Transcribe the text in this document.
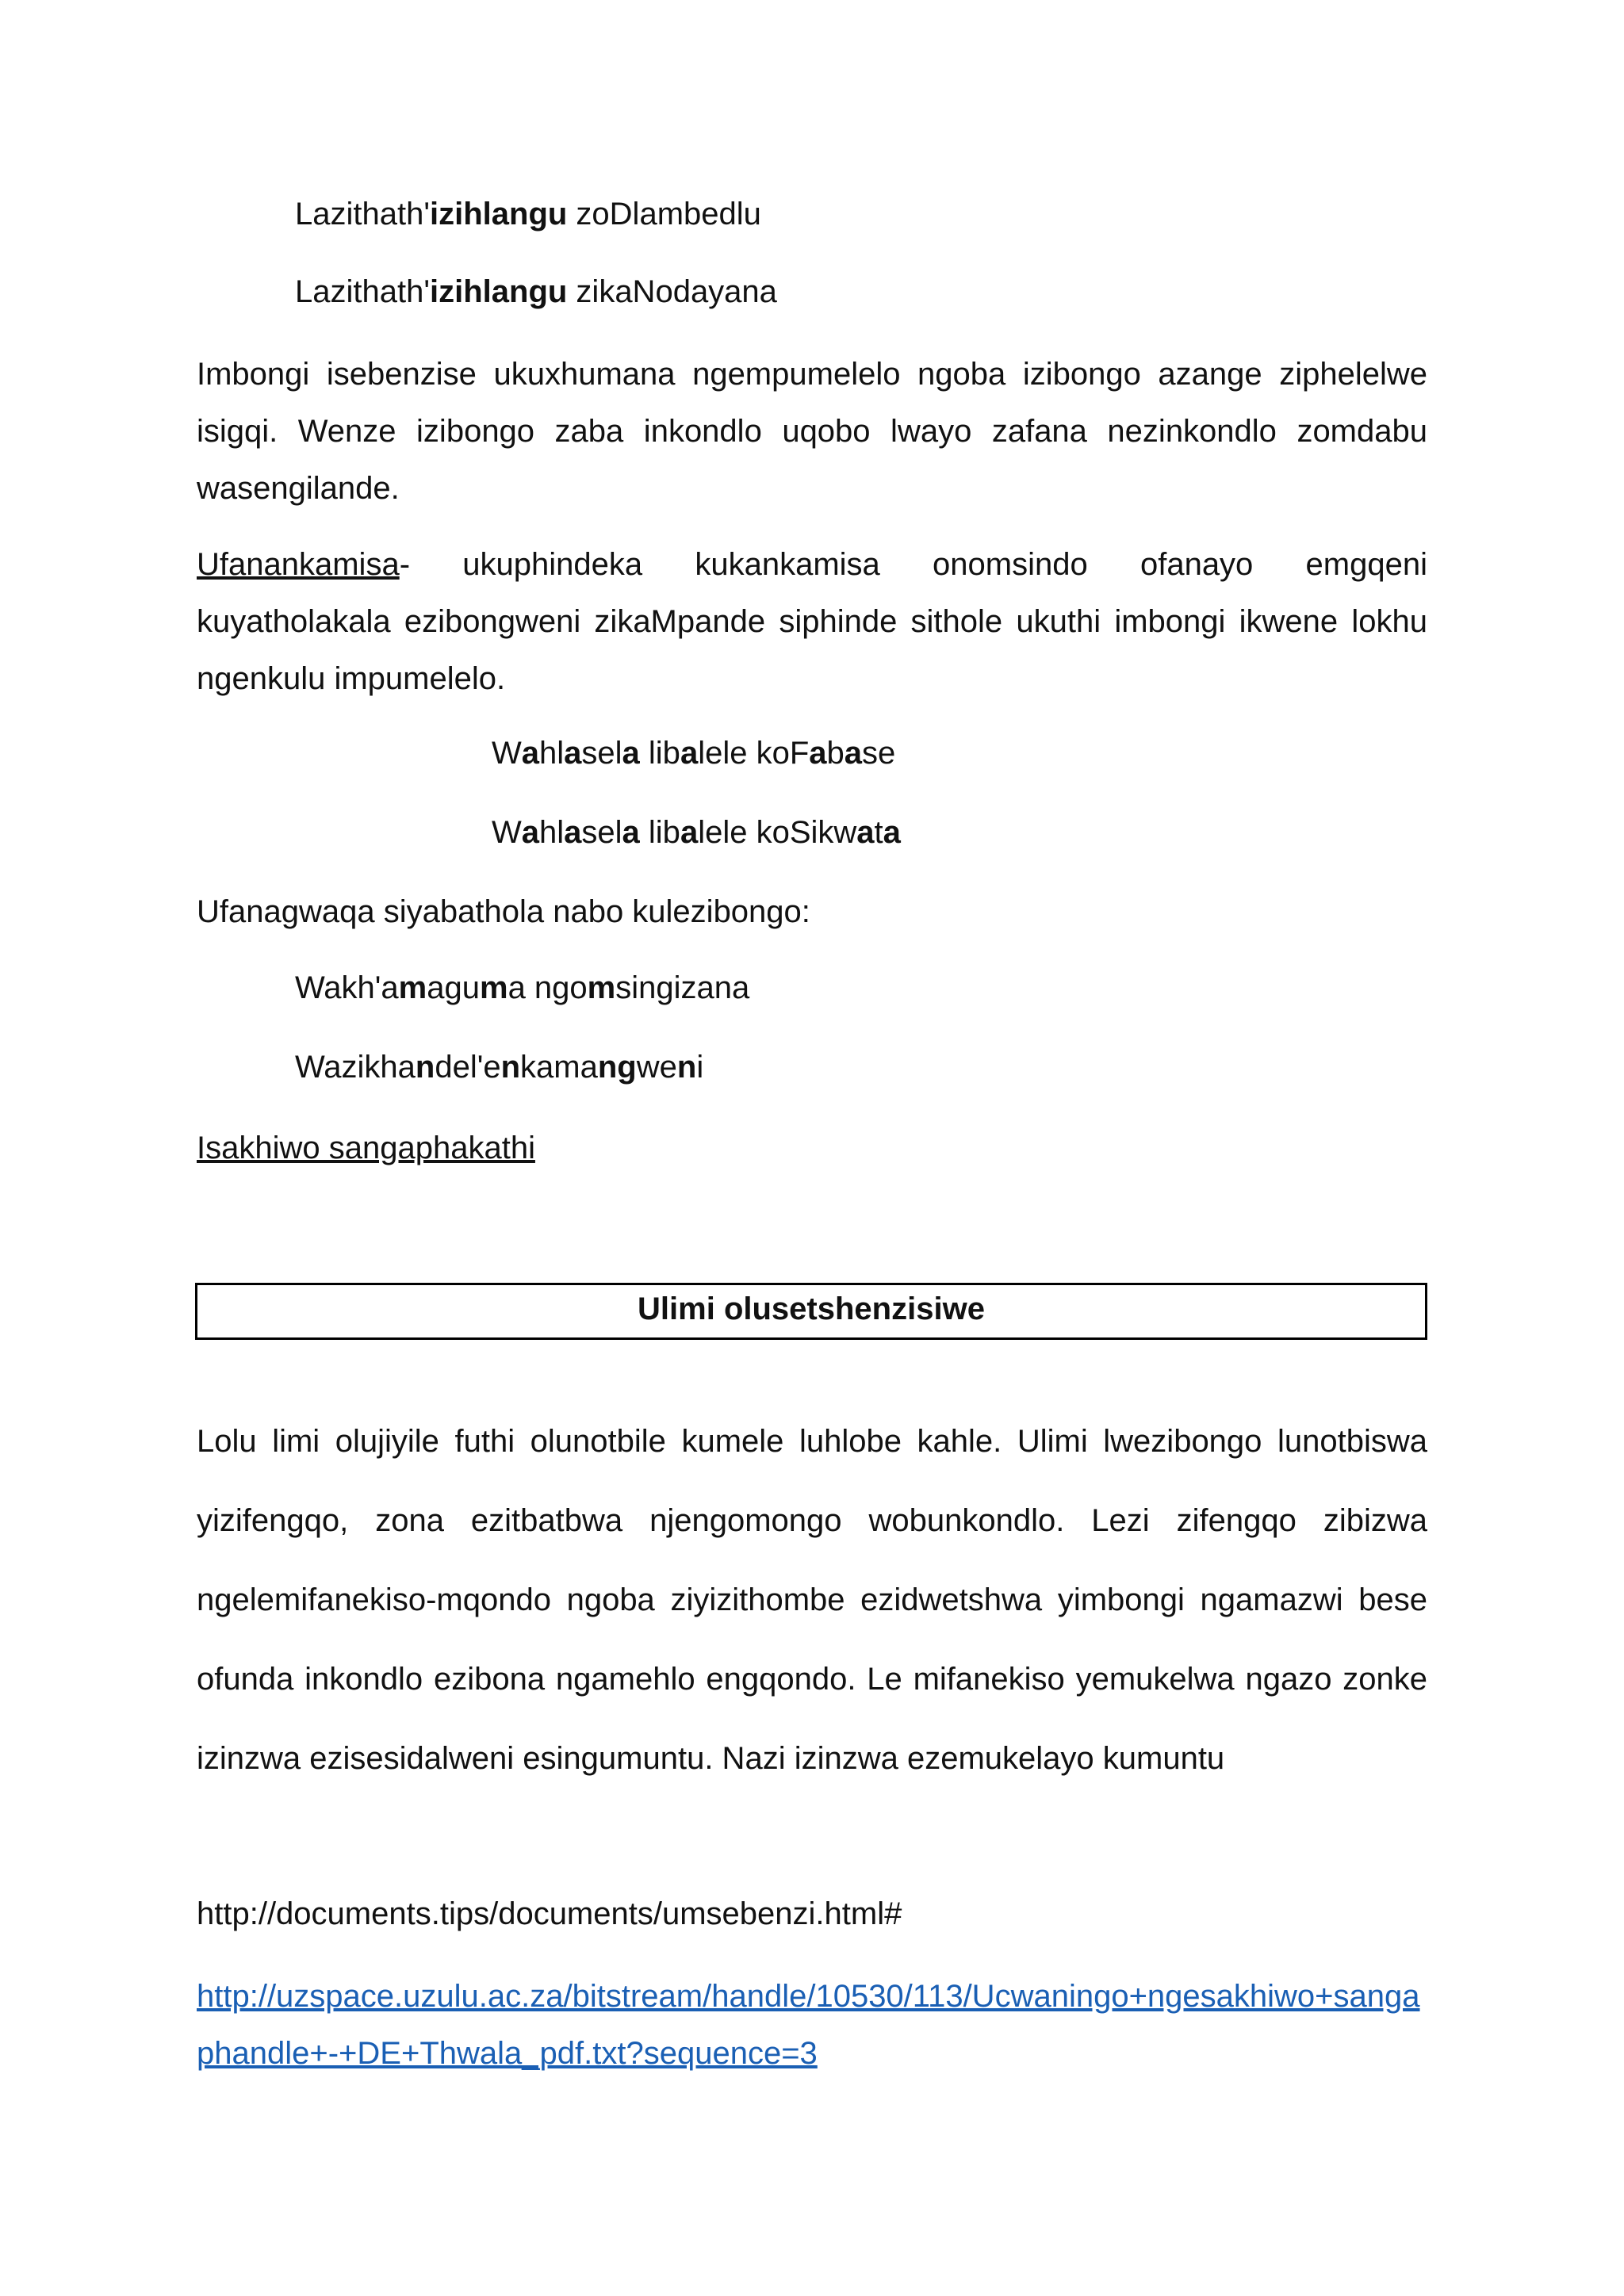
Lazithath'izihlangu zoDlambedlu
Lazithath'izihlangu zikaNodayana
Imbongi isebenzise ukuxhumana ngempumelelo ngoba izibongo azange ziphelelwe isigqi. Wenze izibongo zaba inkondlo uqobo lwayo zafana nezinkondlo zomdabu wasengilande.
Ufanankamisa- ukuphindeka kukankamisa onomsindo ofanayo emgqeni
kuyatholakala ezibongweni zikaMpande siphinde sithole ukuthi imbongi ikwene lokhu ngenkulu impumelelo.
Wahlasela libalele koFabase
Wahlasela libalele koSikwata
Ufanagwaqa siyabathola nabo kulezibongo:
Wakh'amaguma ngomsingizana
Wazikhandel'enkamangweni
Isakhiwo sangaphakathi
Ulimi olusetshenzisiwe
Lolu limi olujiyile futhi olunotbile kumele luhlobe kahle. Ulimi lwezibongo lunotbiswa yizifengqo, zona ezitbatbwa njengomongo wobunkondlo. Lezi zifengqo zibizwa ngelemifanekiso-mqondo ngoba ziyizithombe ezidwetshwa yimbongi ngamazwi bese ofunda inkondlo ezibona ngamehlo engqondo. Le mifanekiso yemukelwa ngazo zonke izinzwa ezisesidalweni esingumuntu. Nazi izinzwa ezemukelayo kumuntu
http://documents.tips/documents/umsebenzi.html#
http://uzspace.uzulu.ac.za/bitstream/handle/10530/113/Ucwaningo+ngesakhiwo+sangaphandle+-+DE+Thwala_pdf.txt?sequence=3
